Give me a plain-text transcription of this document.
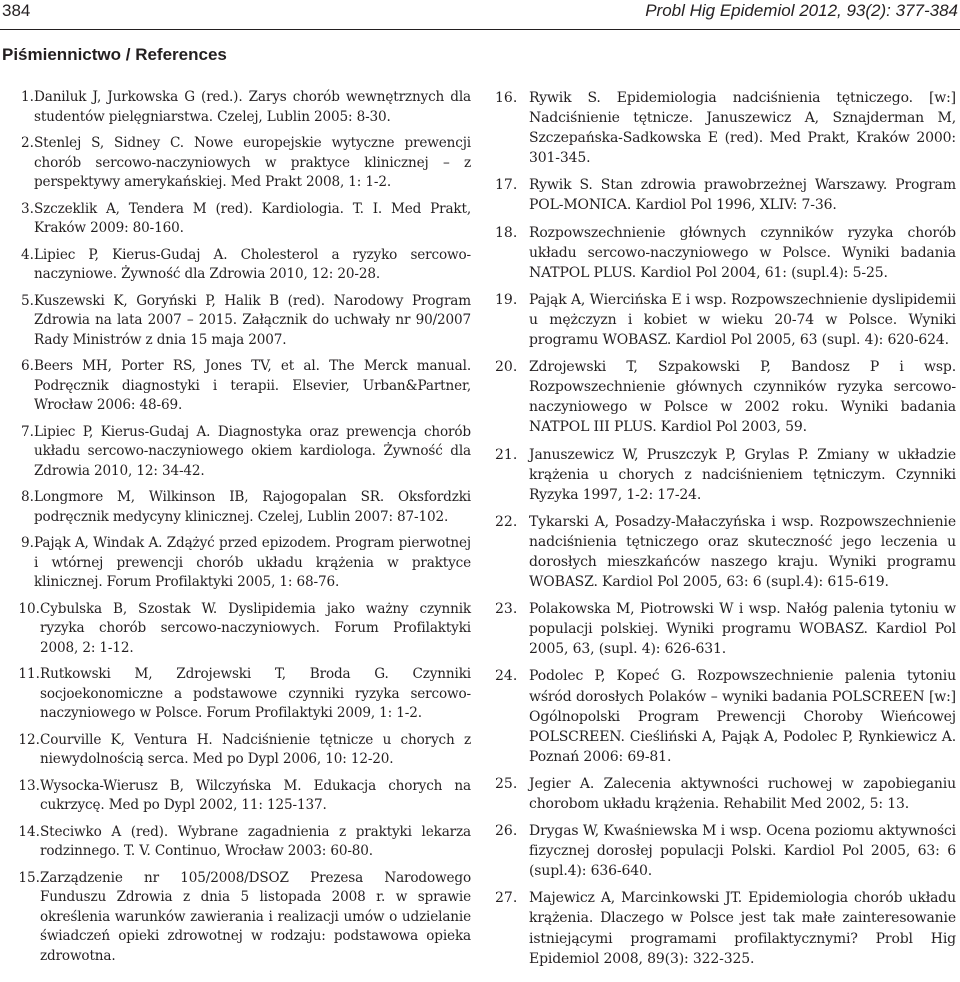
384	Probl Hig Epidemiol 2012, 93(2): 377-384
Piśmiennictwo / References
1. Daniluk J, Jurkowska G (red.). Zarys chorób wewnętrznych dla studentów pielęgniarstwa. Czelej, Lublin 2005: 8-30.
2. Stenlej S, Sidney C. Nowe europejskie wytyczne prewencji chorób sercowo-naczyniowych w praktyce klinicznej – z perspektywy amerykańskiej. Med Prakt 2008, 1: 1-2.
3. Szczeklik A, Tendera M (red). Kardiologia. T. I. Med Prakt, Kraków 2009: 80-160.
4. Lipiec P, Kierus-Gudaj A. Cholesterol a ryzyko sercowo-naczyniowe. Żywność dla Zdrowia 2010, 12: 20-28.
5. Kuszewski K, Goryński P, Halik B (red). Narodowy Program Zdrowia na lata 2007 – 2015. Załącznik do uchwały nr 90/2007 Rady Ministrów z dnia 15 maja 2007.
6. Beers MH, Porter RS, Jones TV, et al. The Merck manual. Podręcznik diagnostyki i terapii. Elsevier, Urban&Partner, Wrocław 2006: 48-69.
7. Lipiec P, Kierus-Gudaj A. Diagnostyka oraz prewencja chorób układu sercowo-naczyniowego okiem kardiologa. Żywność dla Zdrowia 2010, 12: 34-42.
8. Longmore M, Wilkinson IB, Rajogopalan SR. Oksfordzki podręcznik medycyny klinicznej. Czelej, Lublin 2007: 87-102.
9. Pająk A, Windak A. Zdążyć przed epizodem. Program pierwotnej i wtórnej prewencji chorób układu krążenia w praktyce klinicznej. Forum Profilaktyki 2005, 1: 68-76.
10. Cybulska B, Szostak W. Dyslipidemia jako ważny czynnik ryzyka chorób sercowo-naczyniowych. Forum Profilaktyki 2008, 2: 1-12.
11. Rutkowski M, Zdrojewski T, Broda G. Czynniki socjoekonomiczne a podstawowe czynniki ryzyka sercowo-naczyniowego w Polsce. Forum Profilaktyki 2009, 1: 1-2.
12. Courville K, Ventura H. Nadciśnienie tętnicze u chorych z niewydolnością serca. Med po Dypl 2006, 10: 12-20.
13. Wysocka-Wierusz B, Wilczyńska M. Edukacja chorych na cukrzycę. Med po Dypl 2002, 11: 125-137.
14. Steciwko A (red). Wybrane zagadnienia z praktyki lekarza rodzinnego. T. V. Continuo, Wrocław 2003: 60-80.
15. Zarządzenie nr 105/2008/DSOZ Prezesa Narodowego Funduszu Zdrowia z dnia 5 listopada 2008 r. w sprawie określenia warunków zawierania i realizacji umów o udzielanie świadczeń opieki zdrowotnej w rodzaju: podstawowa opieka zdrowotna.
16. Rywik S. Epidemiologia nadciśnienia tętniczego. [w:] Nadciśnienie tętnicze. Januszewicz A, Sznajderman M, Szczepańska-Sadkowska E (red). Med Prakt, Kraków 2000: 301-345.
17. Rywik S. Stan zdrowia prawobrzeżnej Warszawy. Program POL-MONICA. Kardiol Pol 1996, XLIV: 7-36.
18. Rozpowszechnienie głównych czynników ryzyka chorób układu sercowo-naczyniowego w Polsce. Wyniki badania NATPOL PLUS. Kardiol Pol 2004, 61: (supl.4): 5-25.
19. Pająk A, Wiercińska E i wsp. Rozpowszechnienie dyslipidemii u mężczyzn i kobiet w wieku 20-74 w Polsce. Wyniki programu WOBASZ. Kardiol Pol 2005, 63 (supl. 4): 620-624.
20. Zdrojewski T, Szpakowski P, Bandosz P i wsp. Rozpowszechnienie głównych czynników ryzyka sercowo-naczyniowego w Polsce w 2002 roku. Wyniki badania NATPOL III PLUS. Kardiol Pol 2003, 59.
21. Januszewicz W, Pruszczyk P, Grylas P. Zmiany w układzie krążenia u chorych z nadciśnieniem tętniczym. Czynniki Ryzyka 1997, 1-2: 17-24.
22. Tykarski A, Posadzy-Małaczyńska i wsp. Rozpowszechnienie nadciśnienia tętniczego oraz skuteczność jego leczenia u dorosłych mieszkańców naszego kraju. Wyniki programu WOBASZ. Kardiol Pol 2005, 63: 6 (supl.4): 615-619.
23. Polakowska M, Piotrowski W i wsp. Nałóg palenia tytoniu w populacji polskiej. Wyniki programu WOBASZ. Kardiol Pol 2005, 63, (supl. 4): 626-631.
24. Podolec P, Kopeć G. Rozpowszechnienie palenia tytoniu wśród dorosłych Polaków – wyniki badania POLSCREEN [w:] Ogólnopolski Program Prewencji Choroby Wieńcowej POLSCREEN. Cieśliński A, Pająk A, Podolec P, Rynkiewicz A. Poznań 2006: 69-81.
25. Jegier A. Zalecenia aktywności ruchowej w zapobieganiu chorobom układu krążenia. Rehabilit Med 2002, 5: 13.
26. Drygas W, Kwaśniewska M i wsp. Ocena poziomu aktywności fizycznej dorosłej populacji Polski. Kardiol Pol 2005, 63: 6 (supl.4): 636-640.
27. Majewicz A, Marcinkowski JT. Epidemiologia chorób układu krążenia. Dlaczego w Polsce jest tak małe zainteresowanie istniejącymi programami profilaktycznymi? Probl Hig Epidemiol 2008, 89(3): 322-325.
